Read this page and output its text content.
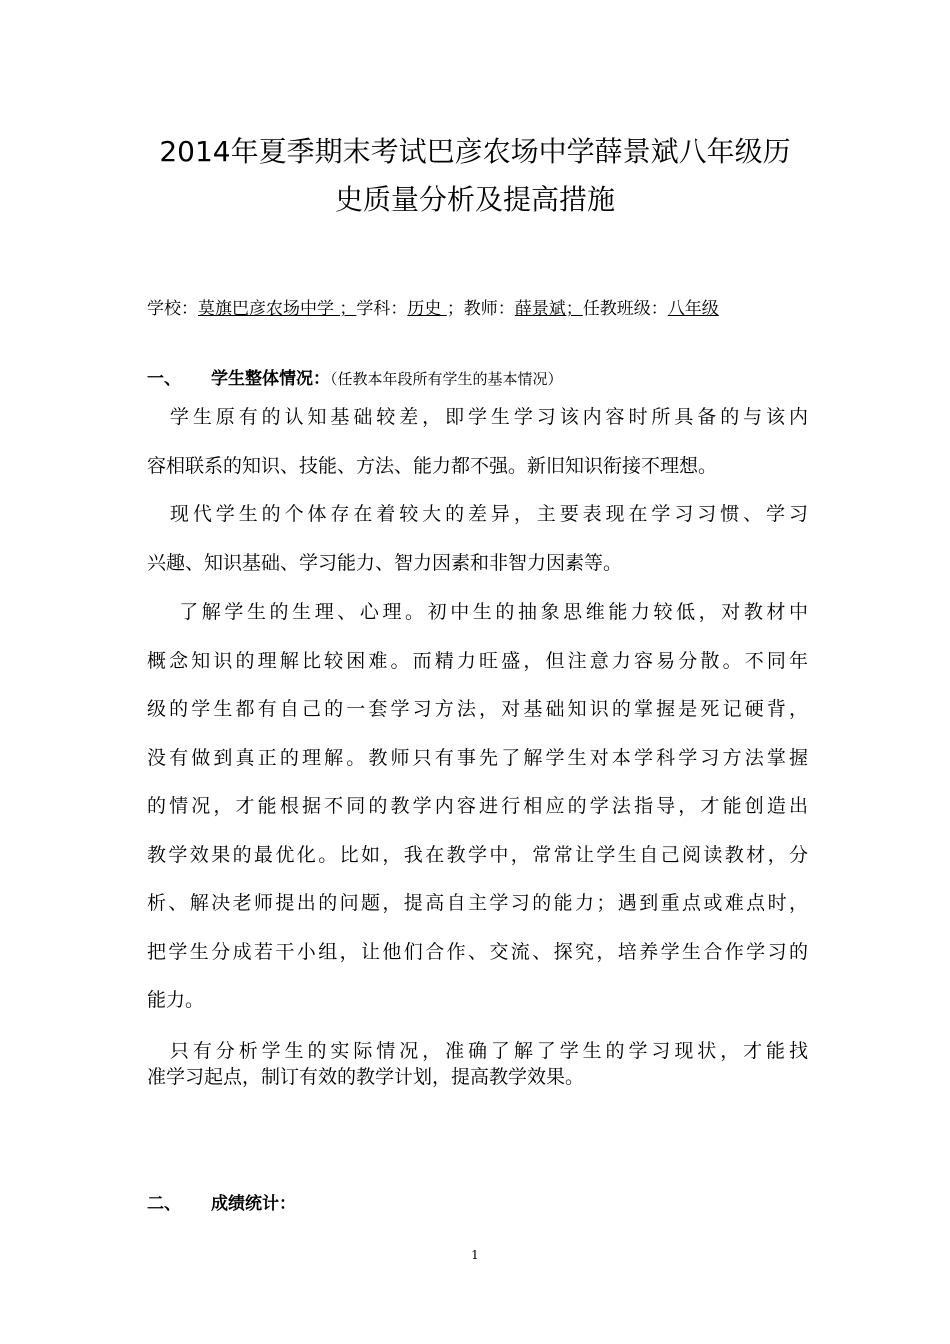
2014年夏季期末考试巴彦农场中学薛景斌八年级历
史质量分析及提高措施
学校：莫旗巴彦农场中学 ；学科：历史 ；教师：薛景斌；任教班级：八年级
一、 学生整体情况：（任教本年段所有学生的基本情况）

　学生原有的认知基础较差，即学生学习该内容时所具备的与该内
容相联系的知识、技能、方法、能力都不强。新旧知识衔接不理想。

　现代学生的个体存在着较大的差异，主要表现在学习习惯、学习
兴趣、知识基础、学习能力、智力因素和非智力因素等。

　 了解学生的生理、心理。初中生的抽象思维能力较低，对教材中
概念知识的理解比较困难。而精力旺盛，但注意力容易分散。不同年
级的学生都有自己的一套学习方法，对基础知识的掌握是死记硬背，
没有做到真正的理解。教师只有事先了解学生对本学科学习方法掌握
的情况，才能根据不同的教学内容进行相应的学法指导，才能创造出
教学效果的最优化。比如，我在教学中，常常让学生自己阅读教材，分
析、解决老师提出的问题，提高自主学习的能力；遇到重点或难点时，
把学生分成若干小组，让他们合作、交流、探究，培养学生合作学习的
能力。

　只有分析学生的实际情况，准确了解了学生的学习现状，才能找
准学习起点，制订有效的教学计划，提高教学效果。

二、 成绩统计：
1
